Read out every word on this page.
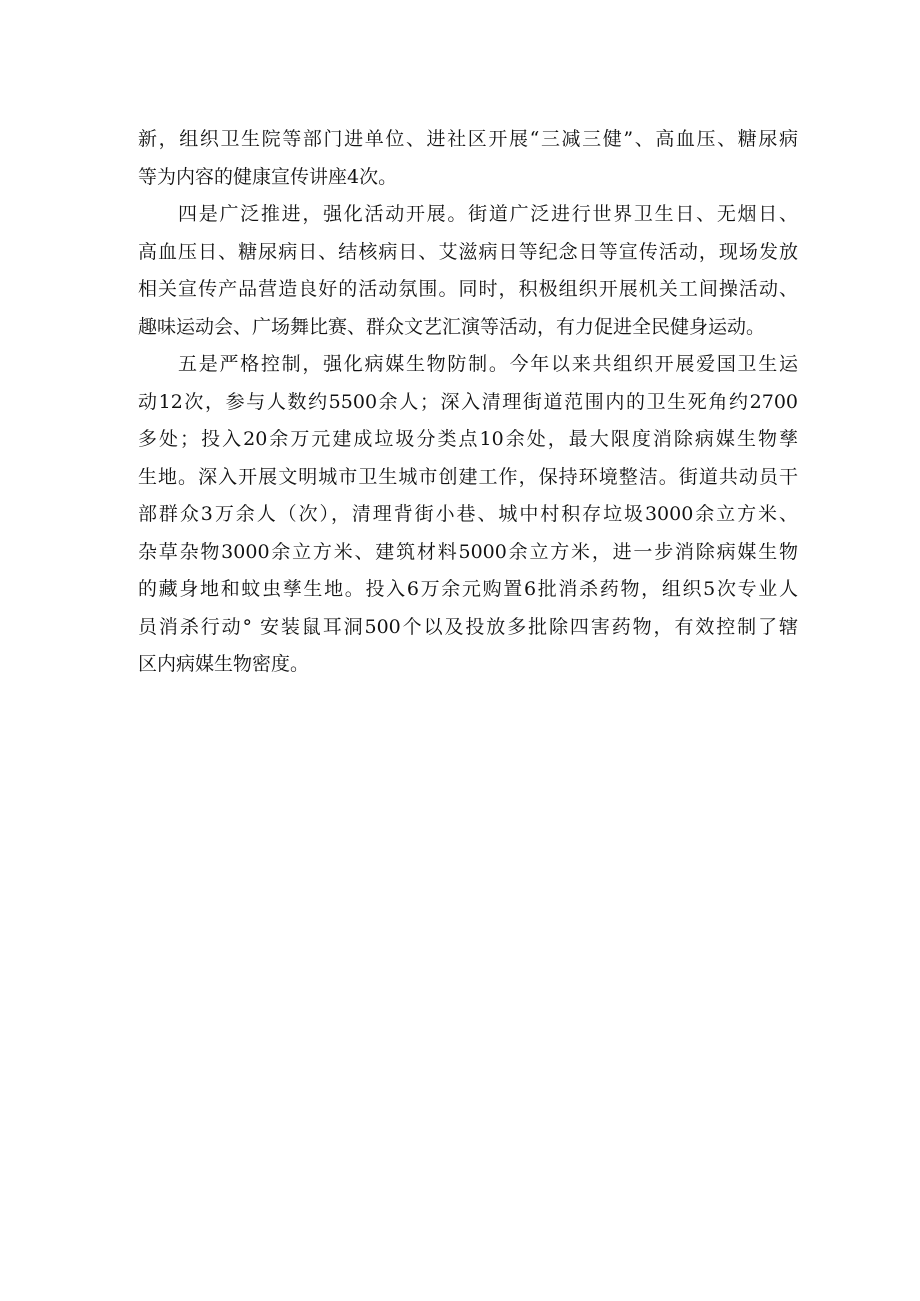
新，组织卫生院等部门进单位、进社区开展“三减三健”、高血压、糖尿病
等为内容的健康宣传讲座4次。
四是广泛推进，强化活动开展。街道广泛进行世界卫生日、无烟日、
高血压日、糖尿病日、结核病日、艾滋病日等纪念日等宣传活动，现场发放
相关宣传产品营造良好的活动氛围。同时，积极组织开展机关工间操活动、
趣味运动会、广场舞比赛、群众文艺汇演等活动，有力促进全民健身运动。
五是严格控制，强化病媒生物防制。今年以来共组织开展爱国卫生运
动12次，参与人数约5500余人；深入清理街道范围内的卫生死角约2700
多处；投入20余万元建成垃圾分类点10余处，最大限度消除病媒生物孳
生地。深入开展文明城市卫生城市创建工作，保持环境整洁。街道共动员干
部群众3万余人（次），清理背街小巷、城中村积存垃圾3000余立方米、
杂草杂物3000余立方米、建筑材料5000余立方米，进一步消除病媒生物
的藏身地和蚊虫孳生地。投入6万余元购置6批消杀药物，组织5次专业人
员消杀行动° 安装鼠耳洞500个以及投放多批除四害药物，有效控制了辖
区内病媒生物密度。
